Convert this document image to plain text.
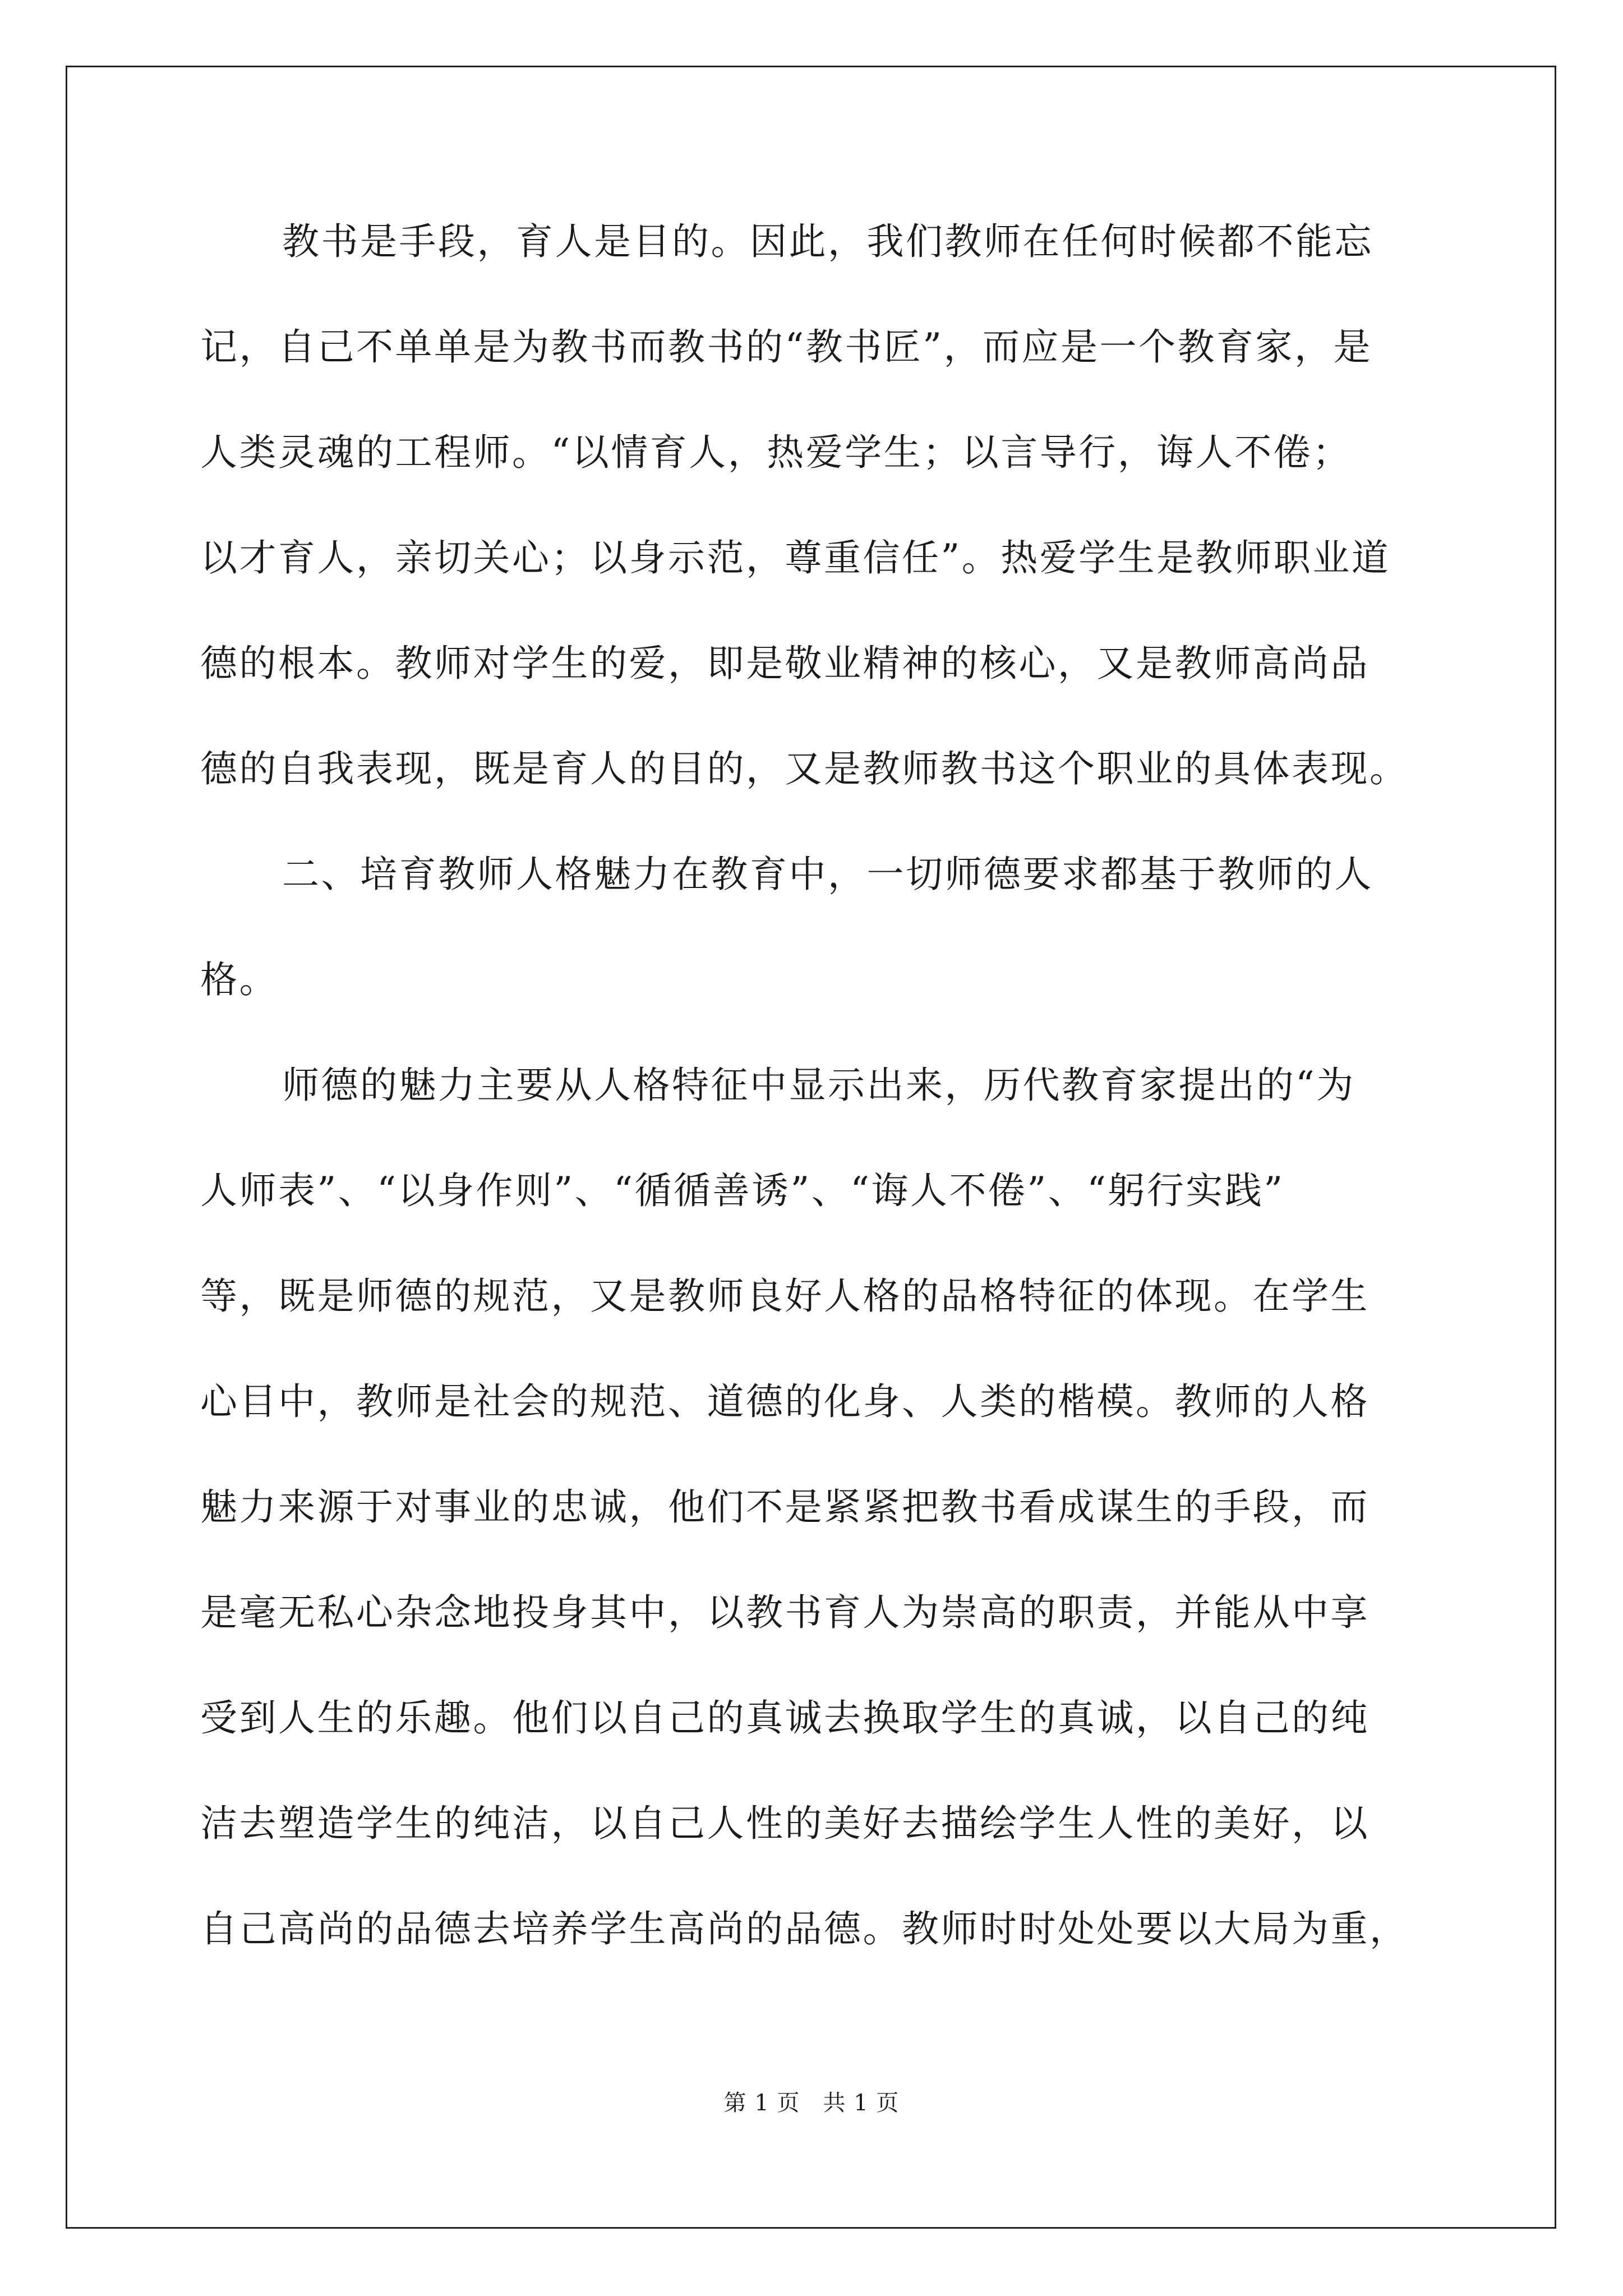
教书是手段，育人是目的。因此，我们教师在任何时候都不能忘
记，自己不单单是为教书而教书的“教书匠”，而应是一个教育家，是
人类灵魂的工程师。“以情育人，热爱学生；以言导行，诲人不倦；
以才育人，亲切关心；以身示范，尊重信任”。热爱学生是教师职业道
德的根本。教师对学生的爱，即是敬业精神的核心，又是教师高尚品
德的自我表现，既是育人的目的，又是教师教书这个职业的具体表现。
二、培育教师人格魅力在教育中，一切师德要求都基于教师的人
格。
师德的魅力主要从人格特征中显示出来，历代教育家提出的“为
人师表”、“以身作则”、“循循善诱”、“诲人不倦”、“躬行实践”
等，既是师德的规范，又是教师良好人格的品格特征的体现。在学生
心目中，教师是社会的规范、道德的化身、人类的楷模。教师的人格
魅力来源于对事业的忠诚，他们不是紧紧把教书看成谋生的手段，而
是毫无私心杂念地投身其中，以教书育人为崇高的职责，并能从中享
受到人生的乐趣。他们以自己的真诚去换取学生的真诚，以自己的纯
洁去塑造学生的纯洁，以自己人性的美好去描绘学生人性的美好，以
自己高尚的品德去培养学生高尚的品德。教师时时处处要以大局为重，
第 1 页　共 1 页
